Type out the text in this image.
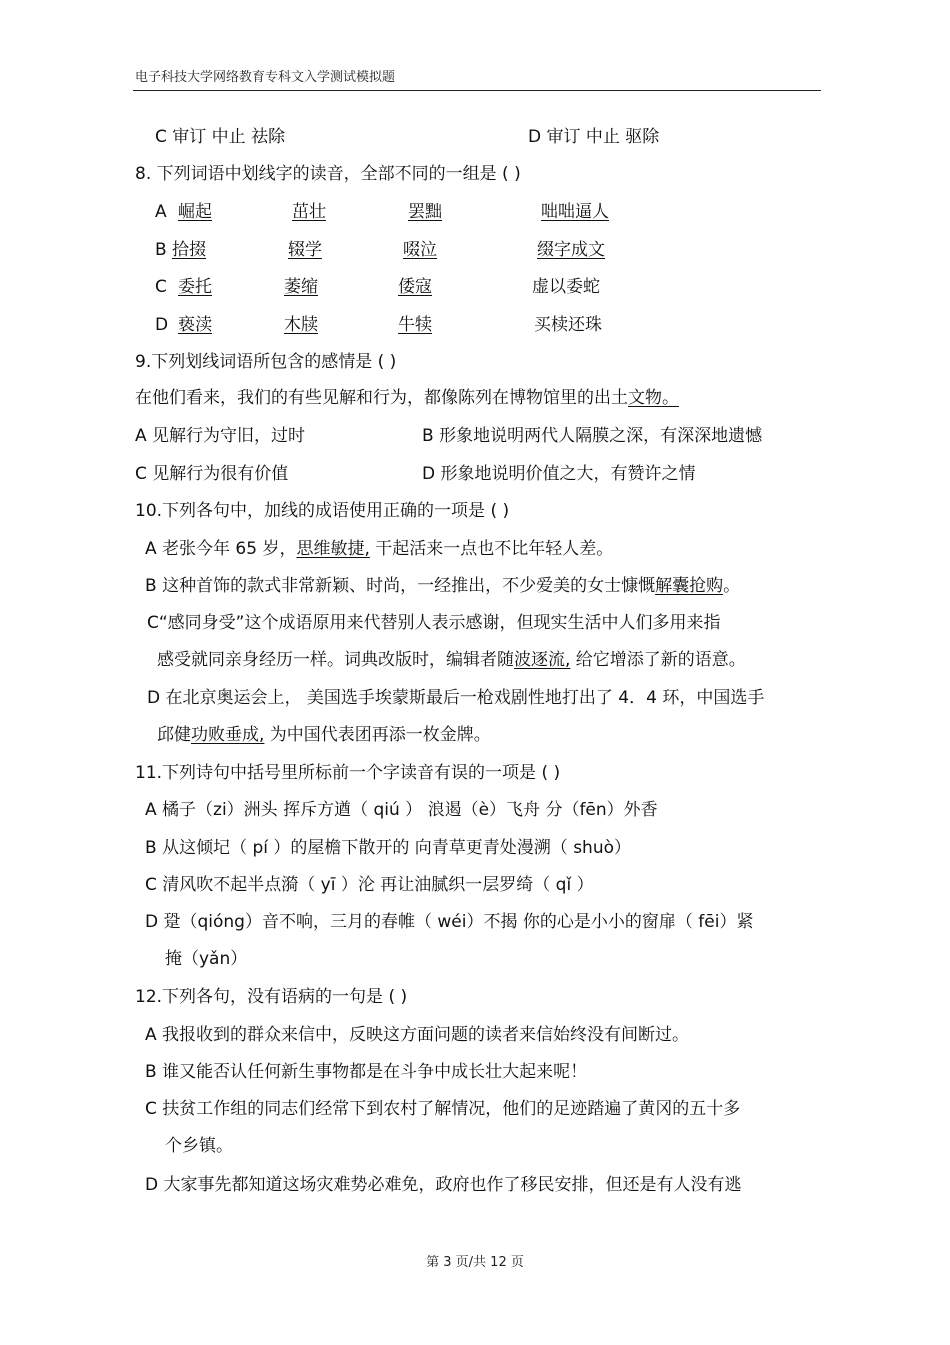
电子科技大学网络教育专科文入学测试模拟题
C 审订 中止 祛除	D 审订 中止 驱除
8. 下列词语中划线字的读音，全部不同的一组是 ( )
A 崛起	茁壮	罢黜	咄咄逼人
B 拾掇	辍学	啜泣	缀字成文
C 委托	萎缩	倭寇	虚以委蛇
D 亵渎	木牍	牛犊	买椟还珠
9.下列划线词语所包含的感情是 ( )
在他们看来，我们的有些见解和行为，都像陈列在博物馆里的出土文物。
A 见解行为守旧，过时	B 形象地说明两代人隔膜之深，有深深地遗憾
C 见解行为很有价值	D 形象地说明价值之大，有赞许之情
10.下列各句中，加线的成语使用正确的一项是 ( )
A 老张今年 65 岁，思维敏捷, 干起活来一点也不比年轻人差。
B 这种首饰的款式非常新颖、时尚，一经推出，不少爱美的女士慷慨解囊抢购。
C“感同身受”这个成语原用来代替别人表示感谢，但现实生活中人们多用来指
感受就同亲身经历一样。词典改版时，编辑者随波逐流, 给它增添了新的语意。
D 在北京奥运会上， 美国选手埃蒙斯最后一枪戏剧性地打出了 4．4 环，中国选手
邱健功败垂成, 为中国代表团再添一枚金牌。
11.下列诗句中括号里所标前一个字读音有误的一项是 ( )
A 橘子（zi）洲头 挥斥方遒（ qiú ） 浪遏（è）飞舟 分（fēn）外香
B 从这倾圮（ pí ）的屋檐下散开的 向青草更青处漫溯（ shuò）
C 清风吹不起半点漪（ yī ）沦 再让油腻织一层罗绮（ qǐ ）
D 跫（qióng）音不响，三月的春帷（ wéi）不揭 你的心是小小的窗扉（ fēi）紧
掩（yǎn）
12.下列各句，没有语病的一句是 ( )
A 我报收到的群众来信中，反映这方面问题的读者来信始终没有间断过。
B 谁又能否认任何新生事物都是在斗争中成长壮大起来呢！
C 扶贫工作组的同志们经常下到农村了解情况，他们的足迹踏遍了黄冈的五十多
个乡镇。
D 大家事先都知道这场灾难势必难免，政府也作了移民安排，但还是有人没有逃
第 3 页/共 12 页
